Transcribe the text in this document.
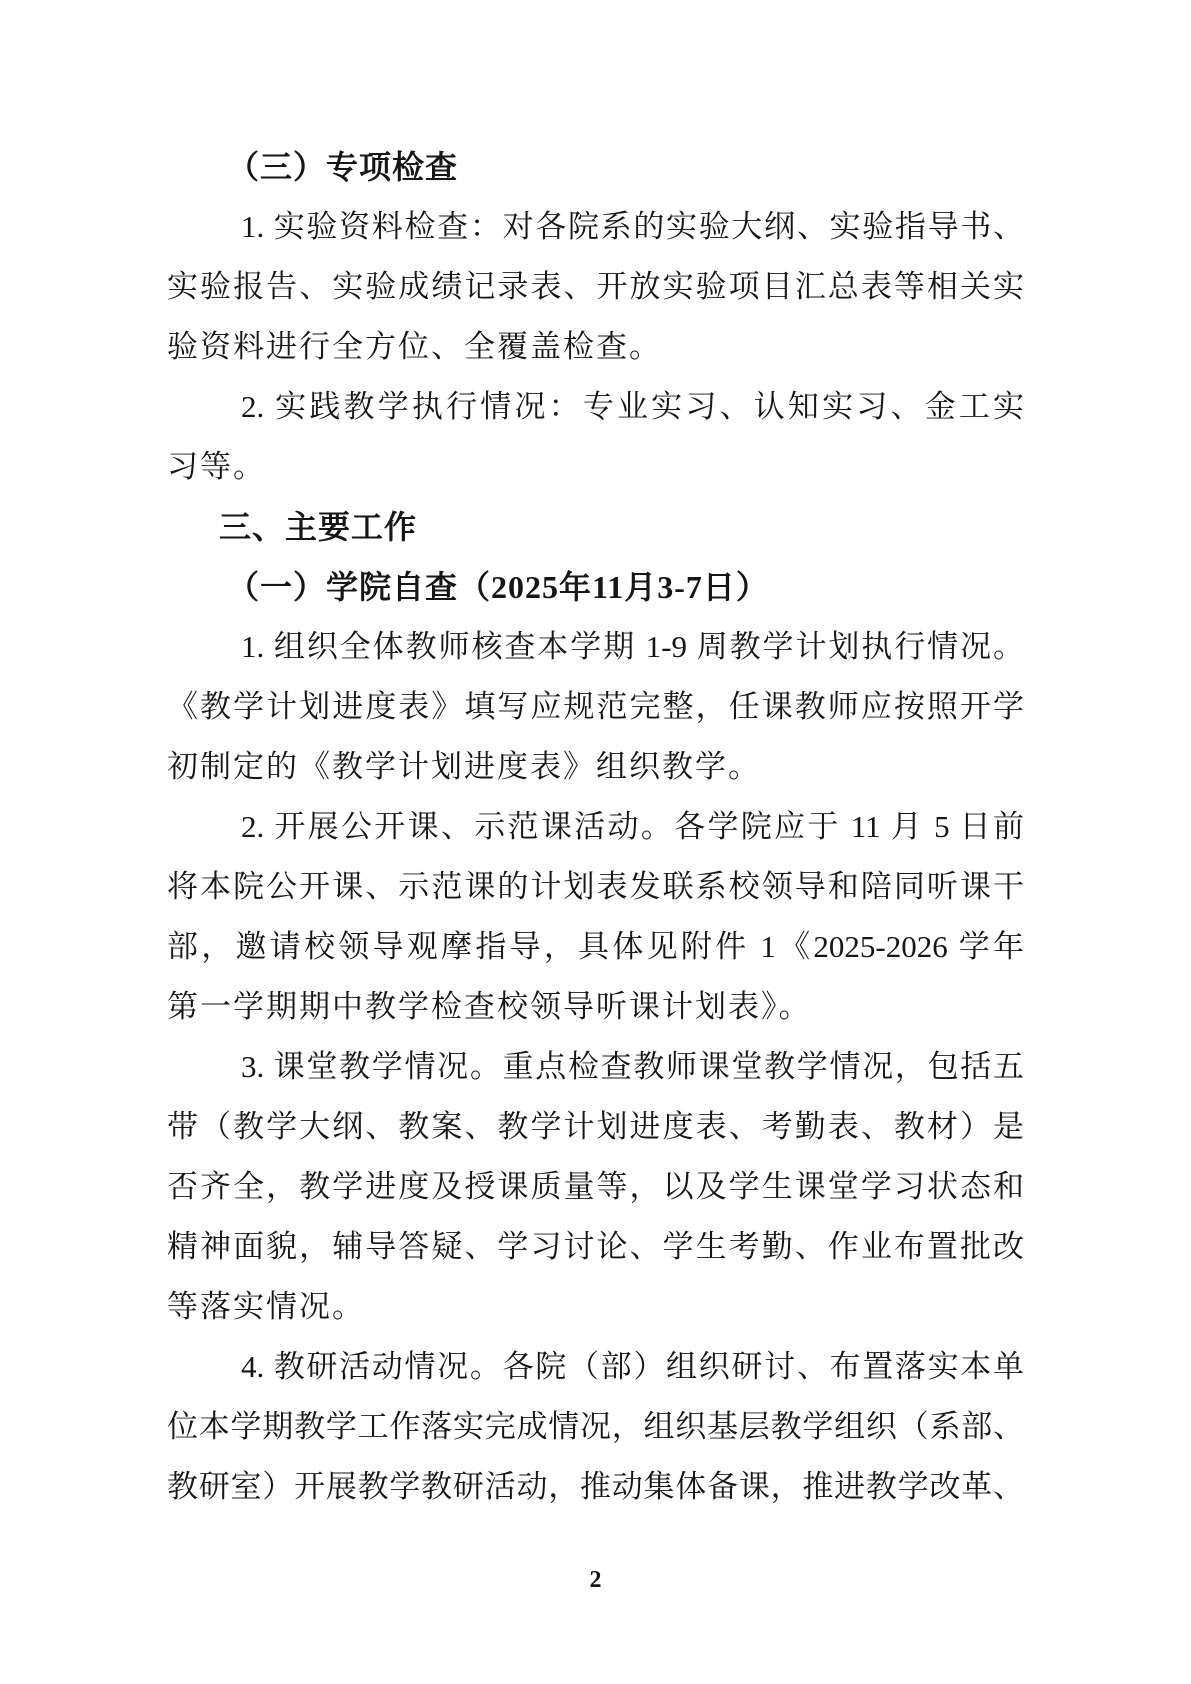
（三）专项检查
1. 实验资料检查：对各院系的实验大纲、实验指导书、
实验报告、实验成绩记录表、开放实验项目汇总表等相关实
验资料进行全方位、全覆盖检查。
2. 实践教学执行情况：专业实习、认知实习、金工实
习等。
三、主要工作
（一）学院自查（2025年11月3-7日）
1. 组织全体教师核查本学期 1-9 周教学计划执行情况。
《教学计划进度表》填写应规范完整，任课教师应按照开学
初制定的《教学计划进度表》组织教学。
2. 开展公开课、示范课活动。各学院应于 11 月 5 日前
将本院公开课、示范课的计划表发联系校领导和陪同听课干
部，邀请校领导观摩指导，具体见附件 1《2025-2026 学年
第一学期期中教学检查校领导听课计划表》。
3. 课堂教学情况。重点检查教师课堂教学情况，包括五
带（教学大纲、教案、教学计划进度表、考勤表、教材）是
否齐全，教学进度及授课质量等，以及学生课堂学习状态和
精神面貌，辅导答疑、学习讨论、学生考勤、作业布置批改
等落实情况。
4. 教研活动情况。各院（部）组织研讨、布置落实本单
位本学期教学工作落实完成情况，组织基层教学组织（系部、
教研室）开展教学教研活动，推动集体备课，推进教学改革、
2
